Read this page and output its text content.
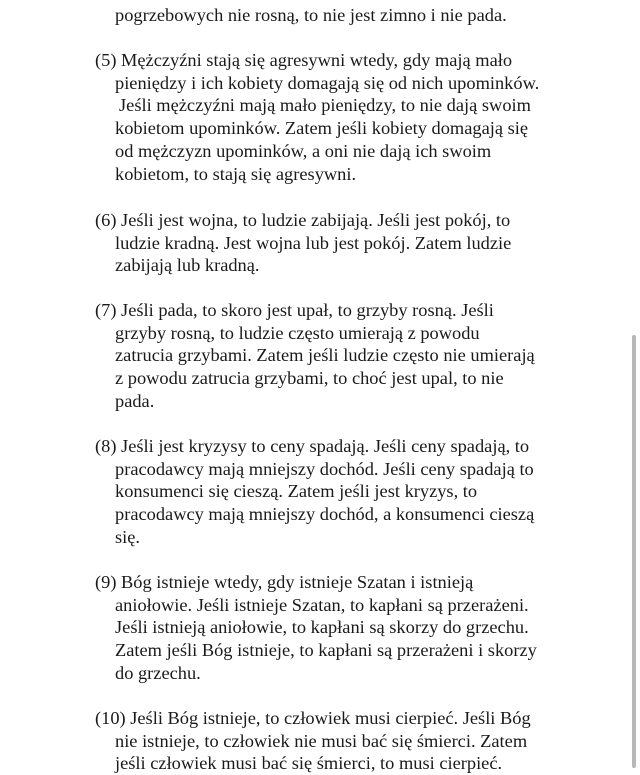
pogrzebowych nie rosną, to nie jest zimno i nie pada.
(5) Mężczyźni stają się agresywni wtedy, gdy mają mało
pieniędzy i ich kobiety domagają się od nich upominków.
Jeśli mężczyźni mają mało pieniędzy, to nie dają swoim
kobietom upominków. Zatem jeśli kobiety domagają się
od mężczyzn upominków, a oni nie dają ich swoim
kobietom, to stają się agresywni.
(6) Jeśli jest wojna, to ludzie zabijają. Jeśli jest pokój, to
ludzie kradną. Jest wojna lub jest pokój. Zatem ludzie
zabijają lub kradną.
(7) Jeśli pada, to skoro jest upał, to grzyby rosną. Jeśli
grzyby rosną, to ludzie często umierają z powodu
zatrucia grzybami. Zatem jeśli ludzie często nie umierają
z powodu zatrucia grzybami, to choć jest upal, to nie
pada.
(8) Jeśli jest kryzysy to ceny spadają. Jeśli ceny spadają, to
pracodawcy mają mniejszy dochód. Jeśli ceny spadają to
konsumenci się cieszą. Zatem jeśli jest kryzys, to
pracodawcy mają mniejszy dochód, a konsumenci cieszą
się.
(9) Bóg istnieje wtedy, gdy istnieje Szatan i istnieją
aniołowie. Jeśli istnieje Szatan, to kapłani są przerażeni.
Jeśli istnieją aniołowie, to kapłani są skorzy do grzechu.
Zatem jeśli Bóg istnieje, to kapłani są przerażeni i skorzy
do grzechu.
(10) Jeśli Bóg istnieje, to człowiek musi cierpieć. Jeśli Bóg
nie istnieje, to człowiek nie musi bać się śmierci. Zatem
jeśli człowiek musi bać się śmierci, to musi cierpieć.
